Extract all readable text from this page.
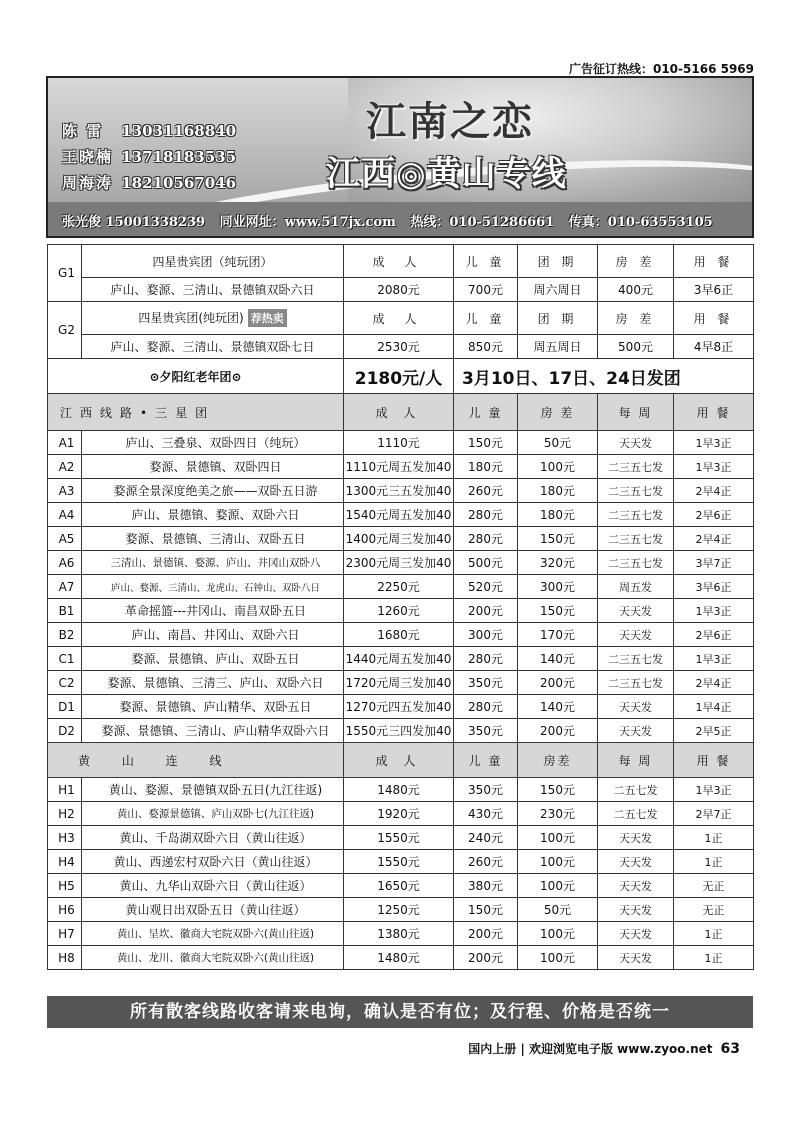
广告征订热线：010-5166 5969
江南之恋
江西◎黄山专线
陈 雷 13031168840
王晓楠 13718183535
周海涛 18210567046
张光俊 15001338239 同业网址：www.517jx.com 热线：010-51286661 传真：010-63553105
G1	四星贵宾团（纯玩团）	成 人	儿 童	团 期	房 差	用 餐
	庐山、婺源、三清山、景德镇双卧六日	2080元	700元	周六周日	400元	3早6正
G2	四星贵宾团(纯玩团) 荐热卖	成 人	儿 童	团 期	房 差	用 餐
	庐山、婺源、三清山、景德镇双卧七日	2530元	850元	周五周日	500元	4早8正
⊙夕阳红老年团⊙		2180元/人	3月10日、17日、24日发团			
江西线路•三星团		成 人	儿 童	房 差	每 周	用 餐
A1	庐山、三叠泉、双卧四日（纯玩）	1110元	150元	50元	天天发	1早3正
A2	婺源、景德镇、双卧四日	1110元周五发加40	180元	100元	二三五七发	1早3正
A3	婺源全景深度绝美之旅——双卧五日游	1300元三五发加40	260元	180元	二三五七发	2早4正
A4	庐山、景德镇、婺源、双卧六日	1540元周五发加40	280元	180元	二三五七发	2早6正
A5	婺源、景德镇、三清山、双卧五日	1400元周三发加40	280元	150元	二三五七发	2早4正
A6	三清山、景德镇、婺源、庐山、井冈山双卧八	2300元周三发加40	500元	320元	二三五七发	3早7正
A7	庐山、婺源、三清山、龙虎山、石钟山、双卧八日	2250元	520元	300元	周五发	3早6正
B1	革命摇篮---井冈山、南昌双卧五日	1260元	200元	150元	天天发	1早3正
B2	庐山、南昌、井冈山、双卧六日	1680元	300元	170元	天天发	2早6正
C1	婺源、景德镇、庐山、双卧五日	1440元周五发加40	280元	140元	二三五七发	1早3正
C2	婺源、景德镇、三清三、庐山、双卧六日	1720元周三发加40	350元	200元	二三五七发	2早4正
D1	婺源、景德镇、庐山精华、双卧五日	1270元四五发加40	280元	140元	天天发	1早4正
D2	婺源、景德镇、三清山、庐山精华双卧六日	1550元三四发加40	350元	200元	天天发	2早5正
黄 山 连 线		成 人	儿 童	房差	每 周	用 餐
H1	黄山、婺源、景德镇双卧五日(九江往返)	1480元	350元	150元	二五七发	1早3正
H2	黄山、婺源景德镇、庐山双卧七(九江往返)	1920元	430元	230元	二五七发	2早7正
H3	黄山、千岛湖双卧六日（黄山往返）	1550元	240元	100元	天天发	1正
H4	黄山、西递宏村双卧六日（黄山往返）	1550元	260元	100元	天天发	1正
H5	黄山、九华山双卧六日（黄山往返）	1650元	380元	100元	天天发	无正
H6	黄山观日出双卧五日（黄山往返）	1250元	150元	50元	天天发	无正
H7	黄山、呈坎、徽商大宅院双卧六(黄山往返)	1380元	200元	100元	天天发	1正
H8	黄山、龙川、徽商大宅院双卧六(黄山往返)	1480元	200元	100元	天天发	1正
所有散客线路收客请来电询，确认是否有位；及行程、价格是否统一
国内上册 | 欢迎浏览电子版 www.zyoo.net 63
